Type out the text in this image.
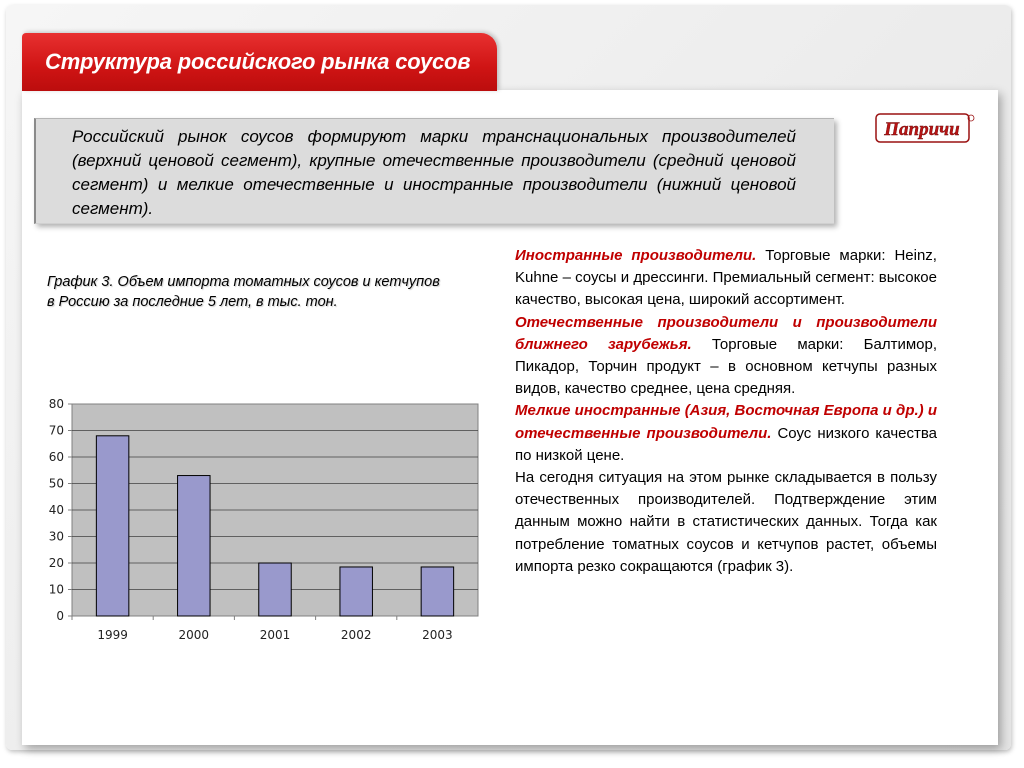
Структура российского рынка соусов
Папричи
Российский рынок соусов формируют марки транснациональных производителей (верхний ценовой сегмент), крупные отечественные производители (средний ценовой сегмент) и мелкие отечественные и иностранные производители (нижний ценовой сегмент).
График 3. Объем импорта томатных соусов и кетчупов
в Россию за последние 5 лет, в тыс. тон.
0
10
20
30
40
50
60
70
80
1999	2000	2001	2002	2003

Иностранные производители. Торговые марки: Heinz, Kuhne – соусы и дрессинги. Премиальный сегмент: высокое качество, высокая цена, широкий ассортимент.

Отечественные производители и производители ближнего зарубежья. Торговые марки: Балтимор, Пикадор, Торчин продукт – в основном кетчупы разных видов, качество среднее, цена средняя.

Мелкие иностранные (Азия, Восточная Европа и др.) и отечественные производители. Соус низкого качества по низкой цене.

На сегодня ситуация на этом рынке складывается в пользу отечественных производителей. Подтверждение этим данным можно найти в статистических данных. Тогда как потребление томатных соусов и кетчупов растет, объемы импорта резко сокращаются (график 3).
